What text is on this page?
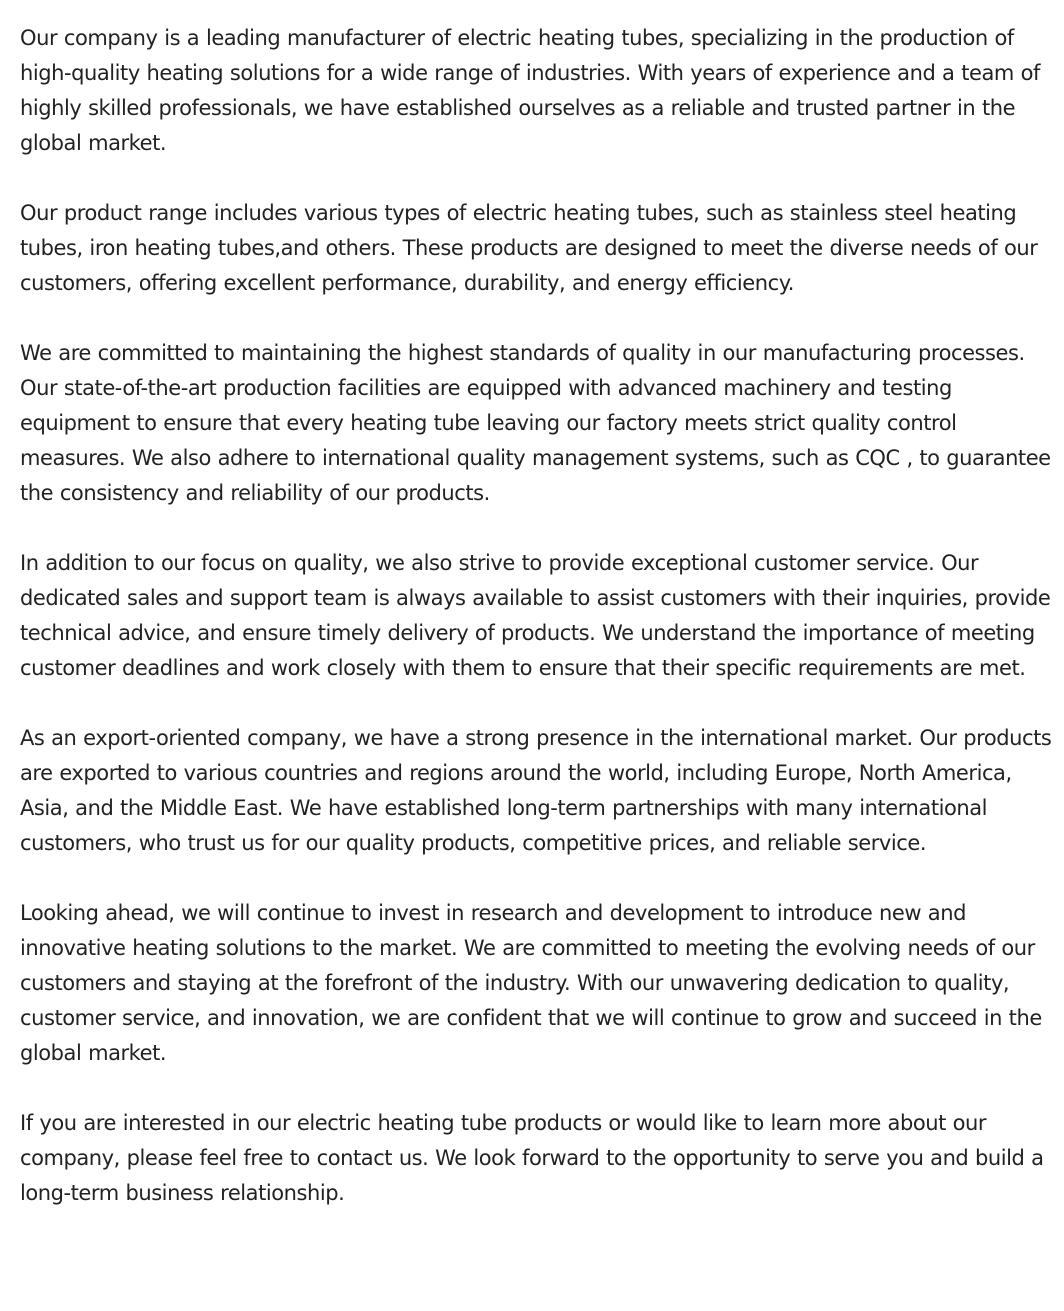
Our company is a leading manufacturer of electric heating tubes, specializing in the production of high-quality heating solutions for a wide range of industries. With years of experience and a team of highly skilled professionals, we have established ourselves as a reliable and trusted partner in the global market.

Our product range includes various types of electric heating tubes, such as stainless steel heating tubes, iron heating tubes,and others. These products are designed to meet the diverse needs of our customers, offering excellent performance, durability, and energy efficiency.

We are committed to maintaining the highest standards of quality in our manufacturing processes. Our state-of-the-art production facilities are equipped with advanced machinery and testing equipment to ensure that every heating tube leaving our factory meets strict quality control measures. We also adhere to international quality management systems, such as CQC , to guarantee the consistency and reliability of our products.

In addition to our focus on quality, we also strive to provide exceptional customer service. Our dedicated sales and support team is always available to assist customers with their inquiries, provide technical advice, and ensure timely delivery of products. We understand the importance of meeting customer deadlines and work closely with them to ensure that their specific requirements are met.

As an export-oriented company, we have a strong presence in the international market. Our products are exported to various countries and regions around the world, including Europe, North America, Asia, and the Middle East. We have established long-term partnerships with many international customers, who trust us for our quality products, competitive prices, and reliable service.

Looking ahead, we will continue to invest in research and development to introduce new and innovative heating solutions to the market. We are committed to meeting the evolving needs of our customers and staying at the forefront of the industry. With our unwavering dedication to quality, customer service, and innovation, we are confident that we will continue to grow and succeed in the global market.

If you are interested in our electric heating tube products or would like to learn more about our company, please feel free to contact us. We look forward to the opportunity to serve you and build a long-term business relationship.
